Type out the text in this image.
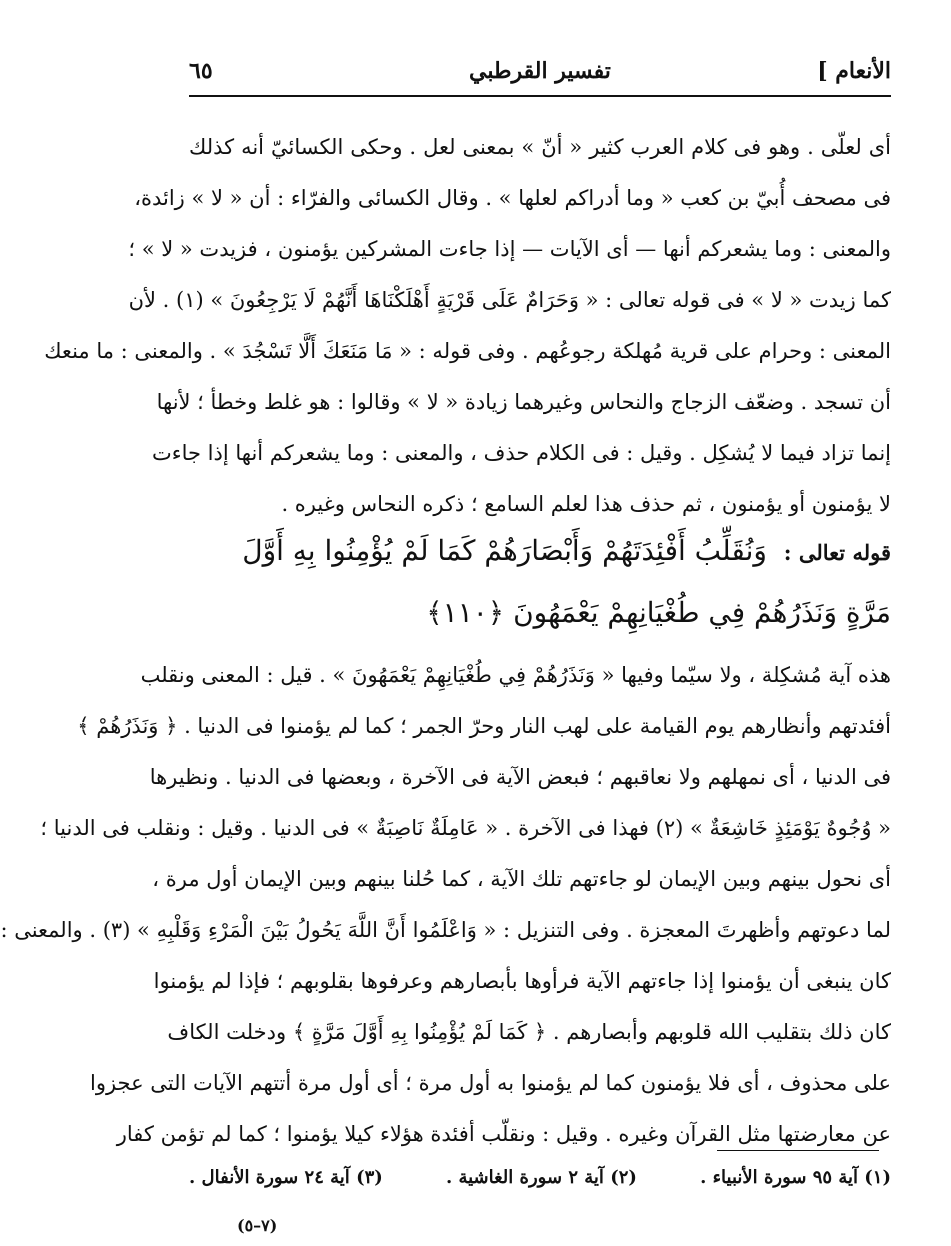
الأنعام ]
تفسير القرطبي
٦٥
أى لعلّى . وهو فى كلام العرب كثير « أنّ » بمعنى لعل . وحكى الكسائيّ أنه كذلك
فى مصحف أُبيّ بن كعب « وما أدراكم لعلها » . وقال الكسائى والفرّاء : أن « لا » زائدة،
والمعنى : وما يشعركم أنها — أى الآيات — إذا جاءت المشركين يؤمنون ، فزيدت « لا » ؛
كما زيدت « لا » فى قوله تعالى : « وَحَرَامٌ عَلَى قَرْيَةٍ أَهْلَكْنَاهَا أَنَّهُمْ لَا يَرْجِعُونَ » (١) . لأن
المعنى : وحرام على قرية مُهلكة رجوعُهم . وفى قوله : « مَا مَنَعَكَ أَلَّا تَسْجُدَ » . والمعنى : ما منعك
أن تسجد . وضعّف الزجاج والنحاس وغيرهما زيادة « لا » وقالوا : هو غلط وخطأ ؛ لأنها
إنما تزاد فيما لا يُشكِل . وقيل : فى الكلام حذف ، والمعنى : وما يشعركم أنها إذا جاءت
لا يؤمنون أو يؤمنون ، ثم حذف هذا لعلم السامع ؛ ذكره النحاس وغيره .
قوله تعالى : وَنُقَلِّبُ أَفْئِدَتَهُمْ وَأَبْصَارَهُمْ كَمَا لَمْ يُؤْمِنُوا بِهِ أَوَّلَ
مَرَّةٍ وَنَذَرُهُمْ فِي طُغْيَانِهِمْ يَعْمَهُونَ ﴿١١٠﴾
هذه آية مُشكِلة ، ولا سيّما وفيها « وَنَذَرُهُمْ فِي طُغْيَانِهِمْ يَعْمَهُونَ » . قيل : المعنى ونقلب
أفئدتهم وأنظارهم يوم القيامة على لهب النار وحرّ الجمر ؛ كما لم يؤمنوا فى الدنيا . ﴿ وَنَذَرُهُمْ ﴾
فى الدنيا ، أى نمهلهم ولا نعاقبهم ؛ فبعض الآية فى الآخرة ، وبعضها فى الدنيا . ونظيرها
« وُجُوهٌ يَوْمَئِذٍ خَاشِعَةٌ » (٢) فهذا فى الآخرة . « عَامِلَةٌ نَاصِبَةٌ » فى الدنيا . وقيل : ونقلب فى الدنيا ؛
أى نحول بينهم وبين الإيمان لو جاءتهم تلك الآية ، كما حُلنا بينهم وبين الإيمان أول مرة ،
لما دعوتهم وأظهرتَ المعجزة . وفى التنزيل : « وَاعْلَمُوا أَنَّ اللَّهَ يَحُولُ بَيْنَ الْمَرْءِ وَقَلْبِهِ » (٣) . والمعنى :
كان ينبغى أن يؤمنوا إذا جاءتهم الآية فرأوها بأبصارهم وعرفوها بقلوبهم ؛ فإذا لم يؤمنوا
كان ذلك بتقليب الله قلوبهم وأبصارهم . ﴿ كَمَا لَمْ يُؤْمِنُوا بِهِ أَوَّلَ مَرَّةٍ ﴾ ودخلت الكاف
على محذوف ، أى فلا يؤمنون كما لم يؤمنوا به أول مرة ؛ أى أول مرة أتتهم الآيات التى عجزوا
عن معارضتها مثل القرآن وغيره . وقيل : ونقلّب أفئدة هؤلاء كيلا يؤمنوا ؛ كما لم تؤمن كفار
(١) آية ٩٥ سورة الأنبياء .
(٢) آية ٢ سورة الغاشية .
(٣) آية ٢٤ سورة الأنفال .
(٧–٥)
